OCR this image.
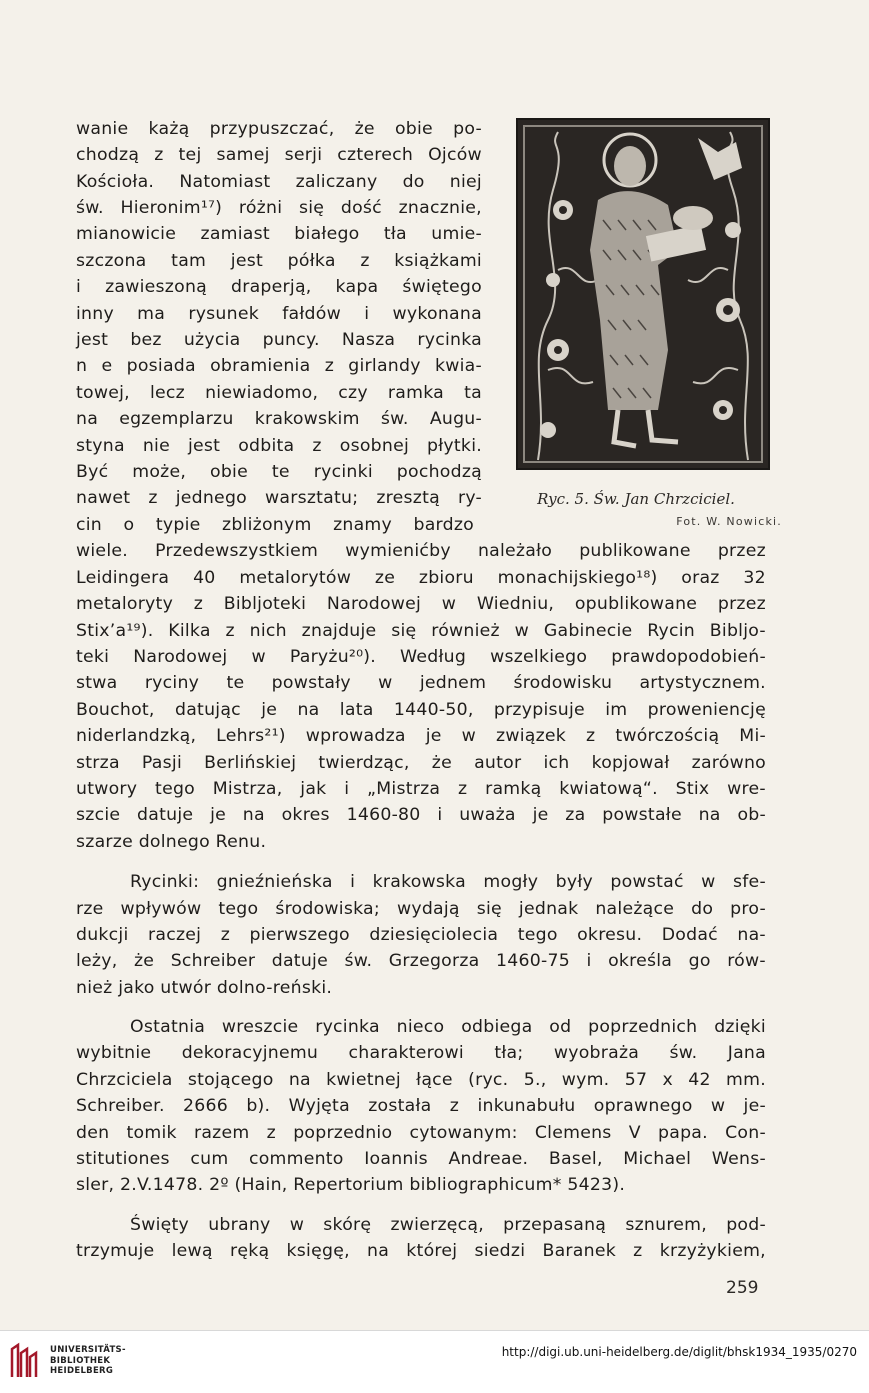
Ryc. 5. Św. Jan Chrzciciel.
Fot. W. Nowicki.
wanie każą przypuszczać, że obie po-
chodzą z tej samej serji czterech Ojców
Kościoła. Natomiast zaliczany do niej
św. Hieronim¹⁷) różni się dość znacznie,
mianowicie zamiast białego tła umie-
szczona tam jest półka z książkami
i zawieszoną draperją, kapa świętego
inny ma rysunek fałdów i wykonana
jest bez użycia puncy. Nasza rycinka
n e posiada obramienia z girlandy kwia-
towej, lecz niewiadomo, czy ramka ta
na egzemplarzu krakowskim św. Augu-
styna nie jest odbita z osobnej płytki.
Być może, obie te rycinki pochodzą
nawet z jednego warsztatu; zresztą ry-
cin o typie zbliżonym znamy bardzo
wiele. Przedewszystkiem wymienićby należało publikowane przez
Leidingera 40 metalorytów ze zbioru monachijskiego¹⁸) oraz 32
metaloryty z Bibljoteki Narodowej w Wiedniu, opublikowane przez
Stix’a¹⁹). Kilka z nich znajduje się również w Gabinecie Rycin Biblјo-
teki Narodowej w Paryżu²⁰). Według wszelkiego prawdopodobień-
stwa ryciny te powstały w jednem środowisku artystycznem.
Bouchot, datując je na lata 1440-50, przypisuje im proweniencję
niderlandzką, Lehrs²¹) wprowadza je w związek z twórczością Mi-
strza Pasji Berlińskiej twierdząc, że autor ich kopjował zarówno
utwory tego Mistrza, jak i „Mistrza z ramką kwiatową“. Stix wre-
szcie datuje je na okres 1460-80 i uważa je za powstałe na ob-
szarze dolnego Renu.
Rycinki: gnieźnieńska i krakowska mogły były powstać w sfe-
rze wpływów tego środowiska; wydają się jednak należące do pro-
dukcji raczej z pierwszego dziesięciolecia tego okresu. Dodać na-
leży, że Schreiber datuje św. Grzegorza 1460-75 i określa go rów-
nież jako utwór dolno-reński.
Ostatnia wreszcie rycinka nieco odbiega od poprzednich dzięki
wybitnie dekoracyjnemu charakterowi tła; wyobraża św. Jana
Chrzciciela stojącego na kwietnej łące (ryc. 5., wym. 57 x 42 mm.
Schreiber. 2666 b). Wyjęta została z inkunabułu oprawnego w je-
den tomik razem z poprzednio cytowanym: Clemens V papa. Con-
stitutiones cum commento Ioannis Andreae. Basel, Michael Wens-
sler, 2.V.1478. 2º (Hain, Repertorium bibliographicum* 5423).
Święty ubrany w skórę zwierzęcą, przepasaną sznurem, pod-
trzymuje lewą ręką księgę, na której siedzi Baranek z krzyżykiem,
259
UNIVERSITÄTS-
BIBLIOTHEK
HEIDELBERG
http://digi.ub.uni-heidelberg.de/diglit/bhsk1934_1935/0270
